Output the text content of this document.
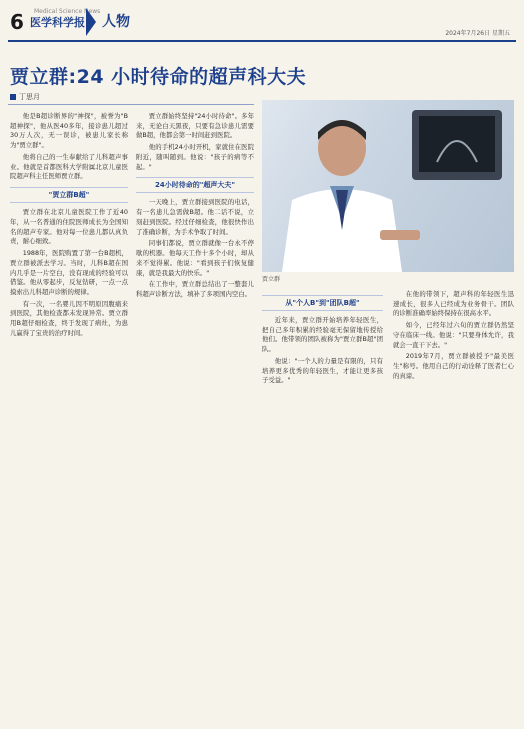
6 Medical Science News
医学科学报 人物
2024年7月26日 星期五
贾立群:24 小时待命的超声科大夫
丁思月
贾立群

他是B超诊断界的"神探"，被誉为"B超神探"，他从医40多年，接诊患儿超过30万人次，无一误诊，被患儿家长称为"贾立群"。

他将自己的一生奉献给了儿科超声事业。他就是首都医科大学附属北京儿童医院超声科主任医师贾立群。

"贾立群B超"

贾立群在北京儿童医院工作了近40年，从一名普通的住院医师成长为全国知名的超声专家。他对每一位患儿都认真负责，耐心细致。

1988年，医院购置了第一台B超机，贾立群被派去学习。当时，儿科B超在国内几乎是一片空白，没有现成的经验可以借鉴。他从零起步，反复钻研，一点一点摸索出儿科超声诊断的规律。

有一次，一名婴儿因不明原因腹痛来到医院，其他检查都未发现异常。贾立群用B超仔细检查，终于发现了病灶，为患儿赢得了宝贵的治疗时间。

贾立群始终坚持"24小时待命"。多年来，无论白天黑夜，只要有急诊患儿需要做B超，他都会第一时间赶到医院。

他的手机24小时开机，家就住在医院附近，随叫随到。他说："孩子的病等不起。"

24小时待命的"超声大夫"

一天晚上，贾立群接到医院的电话，有一名患儿急需做B超。他二话不说，立刻赶到医院。经过仔细检查，他很快作出了准确诊断，为手术争取了时间。

同事们都说，贾立群就像一台永不停歇的机器。他每天工作十多个小时，却从来不觉得累。他说："看到孩子们恢复健康，就是我最大的快乐。"

在工作中，贾立群总结出了一整套儿科超声诊断方法，填补了多项国内空白。

从"个人B"到"团队B超"

近年来，贾立群开始培养年轻医生，把自己多年积累的经验毫无保留地传授给他们。他带领的团队被称为"贾立群B超"团队。

他说："一个人的力量是有限的，只有培养更多优秀的年轻医生，才能让更多孩子受益。"

在他的带领下，超声科的年轻医生迅速成长，很多人已经成为业务骨干。团队的诊断准确率始终保持在很高水平。

如今，已经年过六旬的贾立群仍然坚守在临床一线。他说："只要身体允许，我就会一直干下去。"

2019年7月，贾立群被授予"最美医生"称号。他用自己的行动诠释了医者仁心的真谛。
